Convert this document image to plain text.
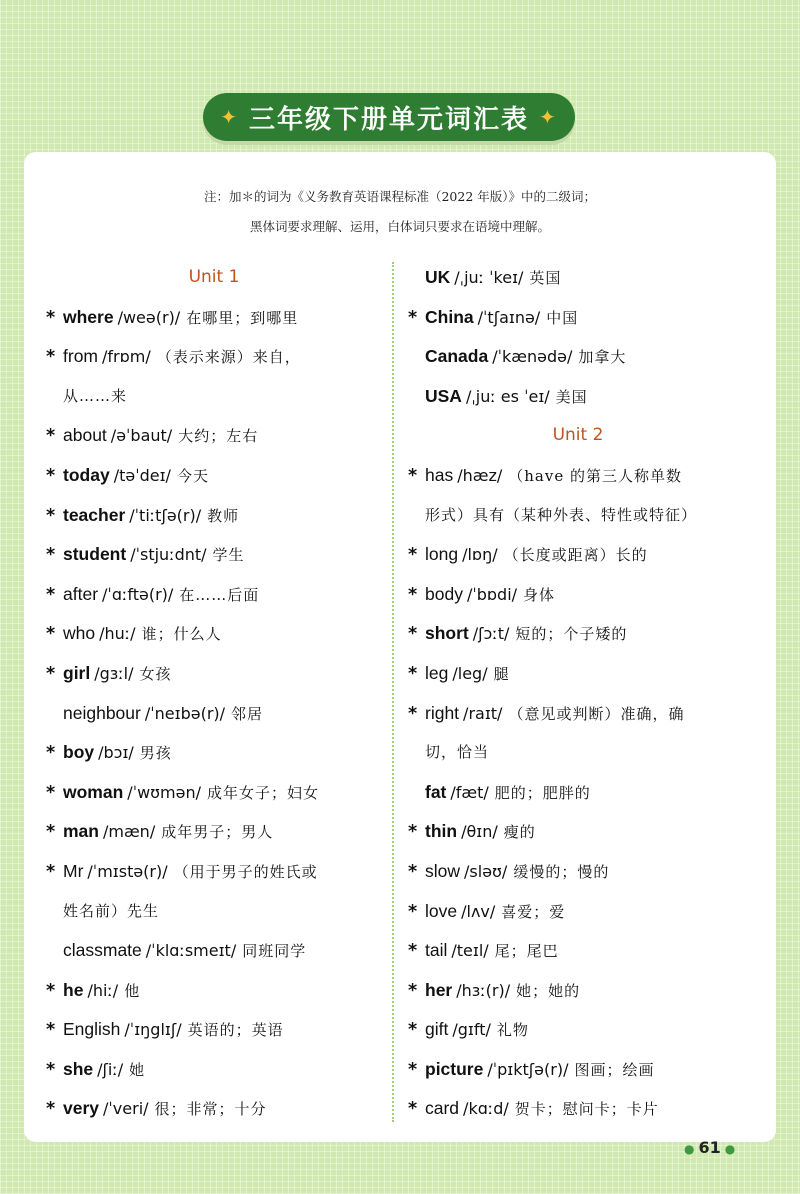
✦ 三年级下册单元词汇表 ✦
注：加＊的词为《义务教育英语课程标准（2022 年版）》中的二级词；
黑体词要求理解、运用，白体词只要求在语境中理解。
Unit 1
* where /weə(r)/ 在哪里；到哪里
* from /frɒm/ （表示来源）来自，
从……来
* about /əˈbaut/ 大约；左右
* today /təˈdeɪ/ 今天
* teacher /ˈtiːtʃə(r)/ 教师
* student /ˈstjuːdnt/ 学生
* after /ˈɑːftə(r)/ 在……后面
* who /huː/ 谁；什么人
* girl /gɜːl/ 女孩
neighbour /ˈneɪbə(r)/ 邻居
* boy /bɔɪ/ 男孩
* woman /ˈwʊmən/ 成年女子；妇女
* man /mæn/ 成年男子；男人
* Mr /ˈmɪstə(r)/ （用于男子的姓氏或
姓名前）先生
classmate /ˈklɑːsmeɪt/ 同班同学
* he /hiː/ 他
* English /ˈɪŋglɪʃ/ 英语的；英语
* she /ʃiː/ 她
* very /ˈveri/ 很；非常；十分
UK /ˌjuː ˈkeɪ/ 英国
* China /ˈtʃaɪnə/ 中国
Canada /ˈkænədə/ 加拿大
USA /ˌjuː es ˈeɪ/ 美国
Unit 2
* has /hæz/ （have 的第三人称单数
形式）具有（某种外表、特性或特征）
* long /lɒŋ/ （长度或距离）长的
* body /ˈbɒdi/ 身体
* short /ʃɔːt/ 短的；个子矮的
* leg /leg/ 腿
* right /raɪt/ （意见或判断）准确，确
切，恰当
fat /fæt/ 肥的；肥胖的
* thin /θɪn/ 瘦的
* slow /sləʊ/ 缓慢的；慢的
* love /lʌv/ 喜爱；爱
* tail /teɪl/ 尾；尾巴
* her /hɜː(r)/ 她；她的
* gift /gɪft/ 礼物
* picture /ˈpɪktʃə(r)/ 图画；绘画
* card /kɑːd/ 贺卡；慰问卡；卡片
● 61 ●
